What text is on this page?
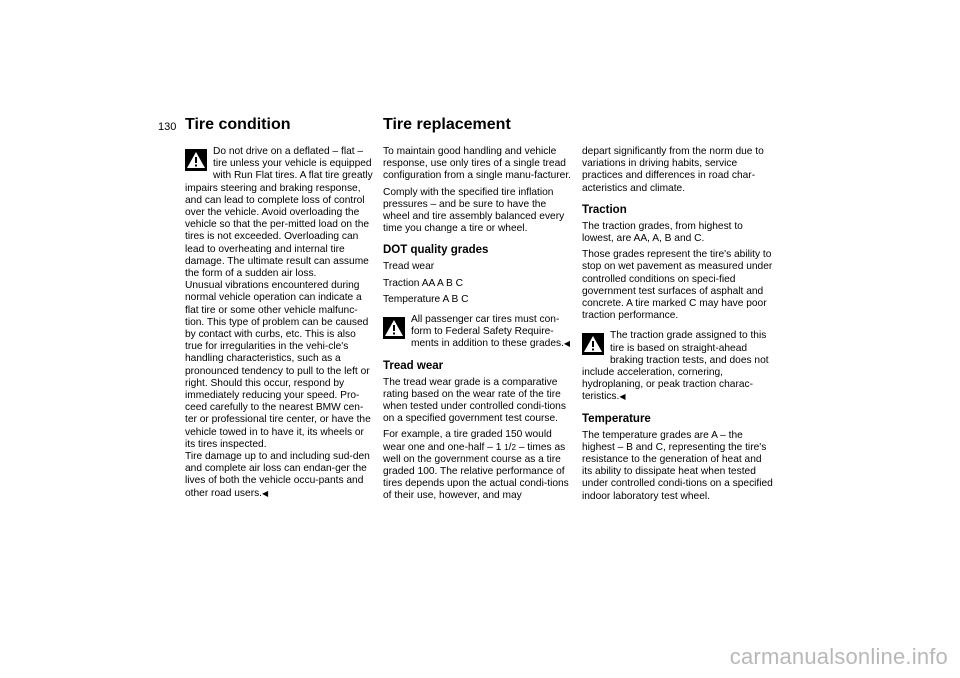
130 Tire condition	Tire replacement
Do not drive on a deflated – flat – tire unless your vehicle is equipped with Run Flat tires. A flat tire greatly impairs steering and braking response, and can lead to complete loss of control over the vehicle. Avoid overloading the vehicle so that the per-mitted load on the tires is not exceeded. Overloading can lead to overheating and internal tire damage. The ultimate result can assume the form of a sudden air loss.
Unusual vibrations encountered during normal vehicle operation can indicate a flat tire or some other vehicle malfunc-tion. This type of problem can be caused by contact with curbs, etc. This is also true for irregularities in the vehi-cle's handling characteristics, such as a pronounced tendency to pull to the left or right. Should this occur, respond by immediately reducing your speed. Pro-ceed carefully to the nearest BMW cen-ter or professional tire center, or have the vehicle towed in to have it, its wheels or its tires inspected.
Tire damage up to and including sud-den and complete air loss can endan-ger the lives of both the vehicle occu-pants and other road users.◀

To maintain good handling and vehicle response, use only tires of a single tread configuration from a single manu-facturer.

Comply with the specified tire inflation pressures – and be sure to have the wheel and tire assembly balanced every time you change a tire or wheel.

DOT quality grades

Tread wear

Traction AA A B C

Temperature A B C

All passenger car tires must con-form to Federal Safety Require-ments in addition to these grades.◀
Tread wear

The tread wear grade is a comparative rating based on the wear rate of the tire when tested under controlled condi-tions on a specified government test course.

For example, a tire graded 150 would wear one and one-half – 1 $^1$/2 – times as well on the government course as a tire graded 100. The relative performance of tires depends upon the actual condi-tions of their use, however, and may

depart significantly from the norm due to variations in driving habits, service practices and differences in road char-acteristics and climate.

Traction

The traction grades, from highest to lowest, are AA, A, B and C.

Those grades represent the tire's ability to stop on wet pavement as measured under controlled conditions on speci-fied government test surfaces of asphalt and concrete. A tire marked C may have poor traction performance.

The traction grade assigned to this tire is based on straight-ahead braking traction tests, and does not include acceleration, cornering, hydroplaning, or peak traction charac-teristics.◀
Temperature

The temperature grades are A – the highest – B and C, representing the tire's resistance to the generation of heat and its ability to dissipate heat when tested under controlled condi-tions on a specified indoor laboratory test wheel.

carmanualsonline.info
